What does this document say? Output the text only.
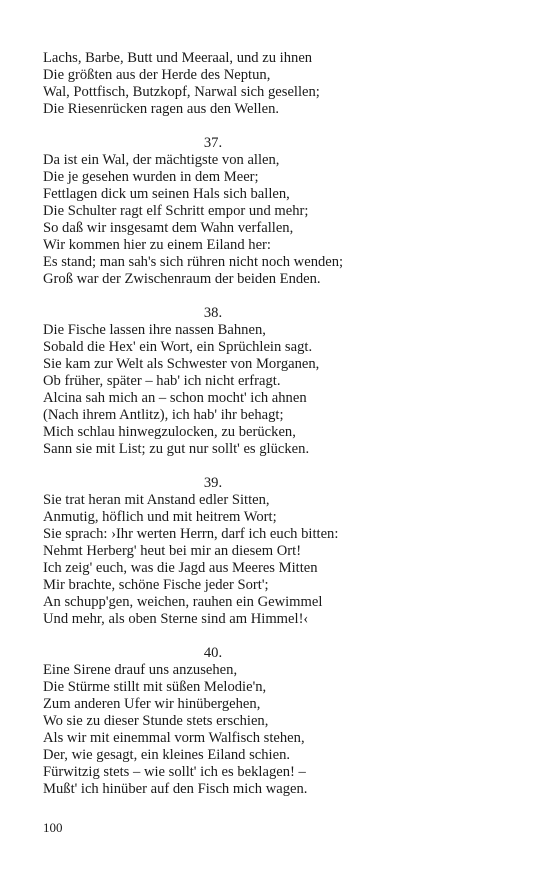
Lachs, Barbe, Butt und Meeraal, und zu ihnen
Die größten aus der Herde des Neptun,
Wal, Pottfisch, Butzkopf, Narwal sich gesellen;
Die Riesenrücken ragen aus den Wellen.
37.
Da ist ein Wal, der mächtigste von allen,
Die je gesehen wurden in dem Meer;
Fettlagen dick um seinen Hals sich ballen,
Die Schulter ragt elf Schritt empor und mehr;
So daß wir insgesamt dem Wahn verfallen,
Wir kommen hier zu einem Eiland her:
Es stand; man sah's sich rühren nicht noch wenden;
Groß war der Zwischenraum der beiden Enden.
38.
Die Fische lassen ihre nassen Bahnen,
Sobald die Hex' ein Wort, ein Sprüchlein sagt.
Sie kam zur Welt als Schwester von Morganen,
Ob früher, später – hab' ich nicht erfragt.
Alcina sah mich an – schon mocht' ich ahnen
(Nach ihrem Antlitz), ich hab' ihr behagt;
Mich schlau hinwegzulocken, zu berücken,
Sann sie mit List; zu gut nur sollt' es glücken.
39.
Sie trat heran mit Anstand edler Sitten,
Anmutig, höflich und mit heitrem Wort;
Sie sprach: ›Ihr werten Herrn, darf ich euch bitten:
Nehmt Herberg' heut bei mir an diesem Ort!
Ich zeig' euch, was die Jagd aus Meeres Mitten
Mir brachte, schöne Fische jeder Sort';
An schupp'gen, weichen, rauhen ein Gewimmel
Und mehr, als oben Sterne sind am Himmel!‹
40.
Eine Sirene drauf uns anzusehen,
Die Stürme stillt mit süßen Melodie'n,
Zum anderen Ufer wir hinübergehen,
Wo sie zu dieser Stunde stets erschien,
Als wir mit einemmal vorm Walfisch stehen,
Der, wie gesagt, ein kleines Eiland schien.
Fürwitzig stets – wie sollt' ich es beklagen! –
Mußt' ich hinüber auf den Fisch mich wagen.
100
